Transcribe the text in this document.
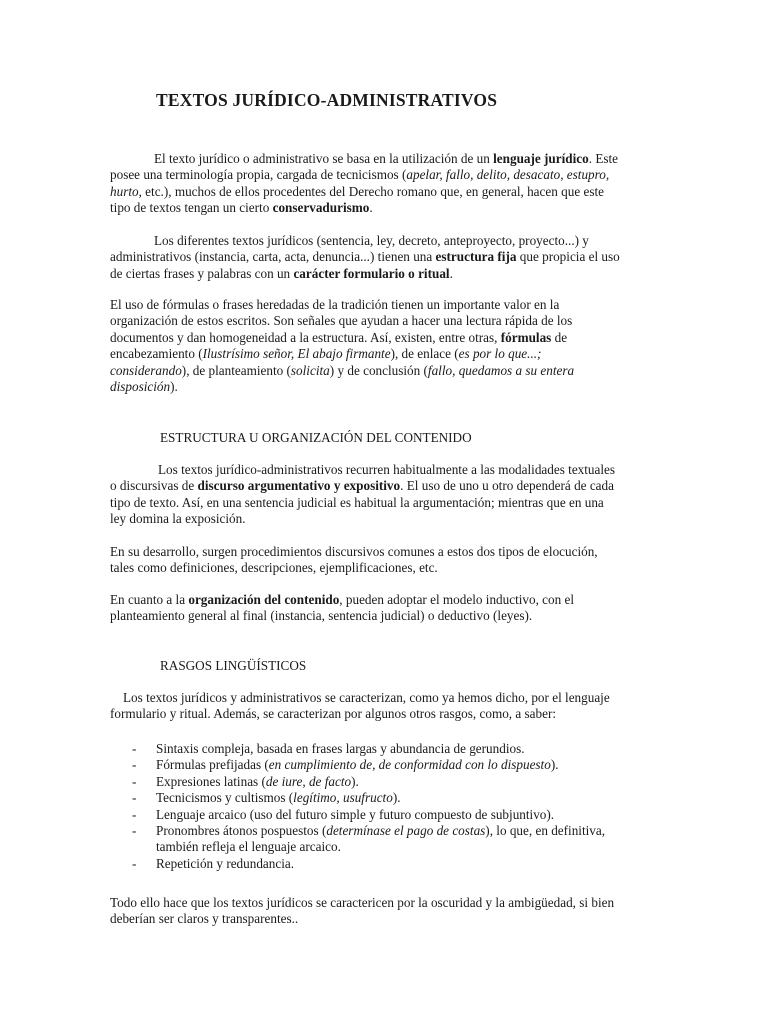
TEXTOS JURÍDICO-ADMINISTRATIVOS
El texto jurídico o administrativo se basa en la utilización de un lenguaje jurídico. Este
posee una terminología propia, cargada de tecnicismos (apelar, fallo, delito, desacato, estupro,
hurto, etc.), muchos de ellos procedentes del Derecho romano que, en general, hacen que este
tipo de textos tengan un cierto conservadurismo.
Los diferentes textos jurídicos (sentencia, ley, decreto, anteproyecto, proyecto...) y
administrativos (instancia, carta, acta, denuncia...) tienen una estructura fija que propicia el uso
de ciertas frases y palabras con un carácter formulario o ritual.
El uso de fórmulas o frases heredadas de la tradición tienen un importante valor en la
organización de estos escritos. Son señales que ayudan a hacer una lectura rápida de los
documentos y dan homogeneidad a la estructura. Así, existen, entre otras, fórmulas de
encabezamiento (Ilustrísimo señor, El abajo firmante), de enlace (es por lo que...;
considerando), de planteamiento (solicita) y de conclusión (fallo, quedamos a su entera
disposición).
ESTRUCTURA U ORGANIZACIÓN DEL CONTENIDO
Los textos jurídico-administrativos recurren habitualmente a las modalidades textuales
o discursivas de discurso argumentativo y expositivo. El uso de uno u otro dependerá de cada
tipo de texto. Así, en una sentencia judicial es habitual la argumentación; mientras que en una
ley domina la exposición.
En su desarrollo, surgen procedimientos discursivos comunes a estos dos tipos de elocución,
tales como definiciones, descripciones, ejemplificaciones, etc.
En cuanto a la organización del contenido, pueden adoptar el modelo inductivo, con el
planteamiento general al final (instancia, sentencia judicial) o deductivo (leyes).
RASGOS LINGÜÍSTICOS
Los textos jurídicos y administrativos se caracterizan, como ya hemos dicho, por el lenguaje
formulario y ritual. Además, se caracterizan por algunos otros rasgos, como, a saber:
- Sintaxis compleja, basada en frases largas y abundancia de gerundios.
- Fórmulas prefijadas (en cumplimiento de, de conformidad con lo dispuesto).
- Expresiones latinas (de iure, de facto).
- Tecnicismos y cultismos (legítimo, usufructo).
- Lenguaje arcaico (uso del futuro simple y futuro compuesto de subjuntivo).
- Pronombres átonos pospuestos (determínase el pago de costas), lo que, en definitiva,
también refleja el lenguaje arcaico.
- Repetición y redundancia.
Todo ello hace que los textos jurídicos se caractericen por la oscuridad y la ambigüedad, si bien
deberían ser claros y transparentes..
